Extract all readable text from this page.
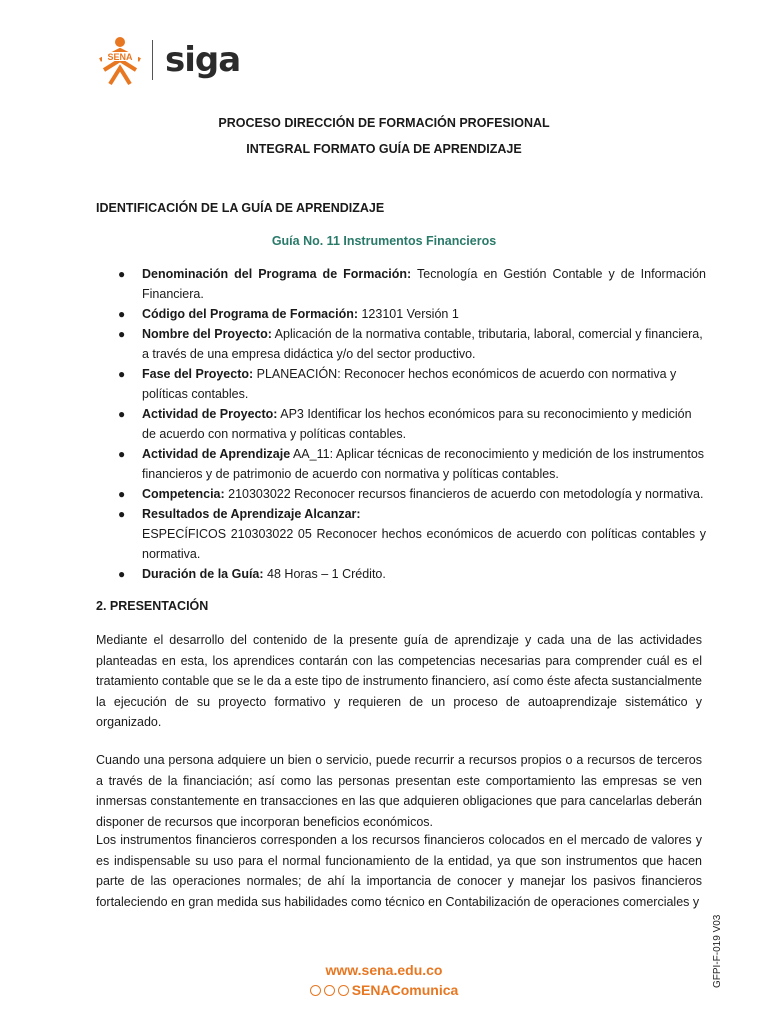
SENA siga
PROCESO DIRECCIÓN DE FORMACIÓN PROFESIONAL
INTEGRAL FORMATO GUÍA DE APRENDIZAJE
IDENTIFICACIÓN DE LA GUÍA DE APRENDIZAJE
Guía No. 11 Instrumentos Financieros
● Denominación del Programa de Formación: Tecnología en Gestión Contable y de Información Financiera.
● Código del Programa de Formación: 123101 Versión 1
● Nombre del Proyecto: Aplicación de la normativa contable, tributaria, laboral, comercial y financiera, a través de una empresa didáctica y/o del sector productivo.
● Fase del Proyecto: PLANEACIÓN: Reconocer hechos económicos de acuerdo con normativa y políticas contables.
● Actividad de Proyecto: AP3 Identificar los hechos económicos para su reconocimiento y medición de acuerdo con normativa y políticas contables.
● Actividad de Aprendizaje AA_11: Aplicar técnicas de reconocimiento y medición de los instrumentos financieros y de patrimonio de acuerdo con normativa y políticas contables.
● Competencia: 210303022 Reconocer recursos financieros de acuerdo con metodología y normativa.
● Resultados de Aprendizaje Alcanzar:
ESPECÍFICOS 210303022 05 Reconocer hechos económicos de acuerdo con políticas contables y normativa.
● Duración de la Guía: 48 Horas – 1 Crédito.
2. PRESENTACIÓN
Mediante el desarrollo del contenido de la presente guía de aprendizaje y cada una de las actividades planteadas en esta, los aprendices contarán con las competencias necesarias para comprender cuál es el tratamiento contable que se le da a este tipo de instrumento financiero, así como éste afecta sustancialmente la ejecución de su proyecto formativo y requieren de un proceso de autoaprendizaje sistemático y organizado.
Cuando una persona adquiere un bien o servicio, puede recurrir a recursos propios o a recursos de terceros a través de la financiación; así como las personas presentan este comportamiento las empresas se ven inmersas constantemente en transacciones en las que adquieren obligaciones que para cancelarlas deberán disponer de recursos que incorporan beneficios económicos.
Los instrumentos financieros corresponden a los recursos financieros colocados en el mercado de valores y es indispensable su uso para el normal funcionamiento de la entidad, ya que son instrumentos que hacen parte de las operaciones normales; de ahí la importancia de conocer y manejar los pasivos financieros fortaleciendo en gran medida sus habilidades como técnico en Contabilización de operaciones comerciales y
www.sena.edu.co
SENAComunica
GFPI-F-019 V03
